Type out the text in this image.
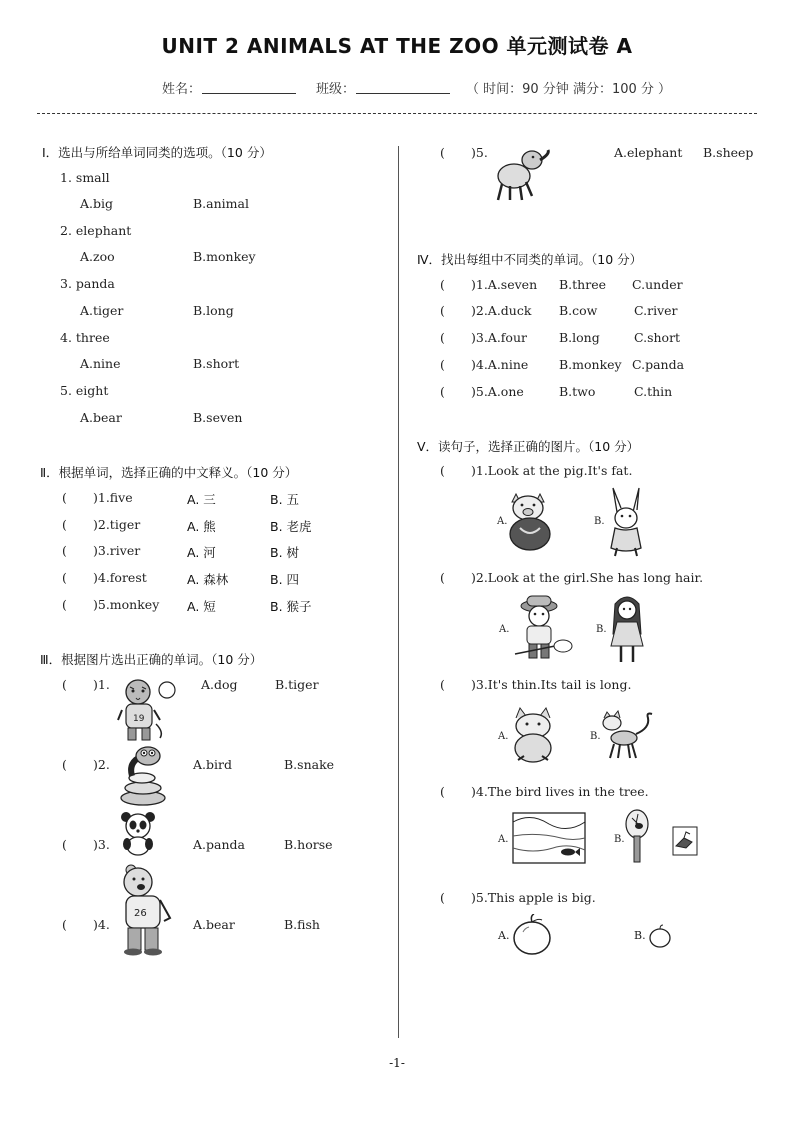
UNIT 2 ANIMALS AT THE ZOO 单元测试卷 A
姓名：	班级：	（ 时间：90 分钟 满分：100 分 ）
Ⅰ．选出与所给单词同类的选项。（10 分）
1. small
A.big	B.animal
2. elephant
A.zoo	B.monkey
3. panda
A.tiger	B.long
4. three
A.nine	B.short
5. eight
A.bear	B.seven
Ⅱ．根据单词，选择正确的中文释义。（10 分）
( )1.five	A. 三	B. 五
( )2.tiger	A. 熊	B. 老虎
( )3.river	A. 河	B. 树
( )4.forest	A. 森林	B. 四
( )5.monkey A. 短	B. 猴子
Ⅲ．根据图片选出正确的单词。（10 分）
( )1.
19
A.dog	B.tiger
( )2.	A.bird	B.snake
( )3.	A.panda	B.horse
26
( )4.	A.bear	B.fish
( )5.	A.elephant B.sheep
Ⅳ．找出每组中不同类的单词。（10 分）
( )1.A.seven B.three C.under
( )2.A.duck B.cow	C.river
( )3.A.four	B.long	C.short
( )4.A.nine B.monkey C.panda
( )5.A.one	B.two	C.thin
Ⅴ．读句子，选择正确的图片。（10 分）
( )1.Look at the pig.It's fat.
A.	B.
( )2.Look at the girl.She has long hair.
A.	B.
( )3.It's thin.Its tail is long.
A.	B.
( )4.The bird lives in the tree.
A.	B.
( )5.This apple is big.
A.	B.
-1-
